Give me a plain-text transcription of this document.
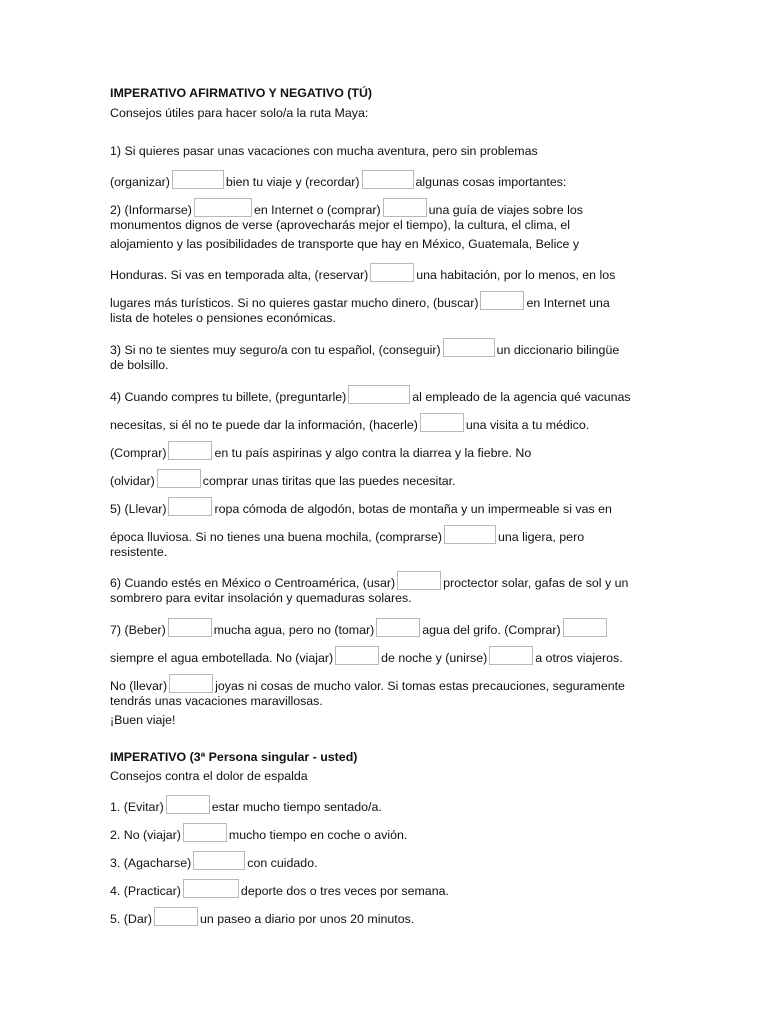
IMPERATIVO AFIRMATIVO Y NEGATIVO (TÚ)
Consejos útiles para hacer solo/a la ruta Maya:
1) Si quieres pasar unas vacaciones con mucha aventura, pero sin problemas
(organizar)	bien tu viaje y (recordar)	algunas cosas importantes:
2) (Informarse)	en Internet o (comprar)	una guía de viajes sobre los
monumentos dignos de verse (aprovecharás mejor el tiempo), la cultura, el clima, el
alojamiento y las posibilidades de transporte que hay en México, Guatemala, Belice y
Honduras. Si vas en temporada alta, (reservar)	una habitación, por lo menos, en los
lugares más turísticos. Si no quieres gastar mucho dinero, (buscar)	en Internet una
lista de hoteles o pensiones económicas.
3) Si no te sientes muy seguro/a con tu español, (conseguir)	un diccionario bilingüe
de bolsillo.
4) Cuando compres tu billete, (preguntarle)	al empleado de la agencia qué vacunas
necesitas, si él no te puede dar la información, (hacerle)	una visita a tu médico.
(Comprar)	en tu país aspirinas y algo contra la diarrea y la fiebre. No
(olvidar)	comprar unas tiritas que las puedes necesitar.
5) (Llevar)	ropa cómoda de algodón, botas de montaña y un impermeable si vas en
época lluviosa. Si no tienes una buena mochila, (comprarse)	una ligera, pero
resistente.
6) Cuando estés en México o Centroamérica, (usar)	proctector solar, gafas de sol y un
sombrero para evitar insolación y quemaduras solares.
7) (Beber)	mucha agua, pero no (tomar)	agua del grifo. (Comprar)
siempre el agua embotellada. No (viajar)	de noche y (unirse)	a otros viajeros.
No (llevar)	joyas ni cosas de mucho valor. Si tomas estas precauciones, seguramente
tendrás unas vacaciones maravillosas.
¡Buen viaje!
IMPERATIVO (3ª Persona singular - usted)
Consejos contra el dolor de espalda
1. (Evitar)	estar mucho tiempo sentado/a.
2. No (viajar)	mucho tiempo en coche o avión.
3. (Agacharse)	con cuidado.
4. (Practicar)	deporte dos o tres veces por semana.
5. (Dar)	un paseo a diario por unos 20 minutos.
